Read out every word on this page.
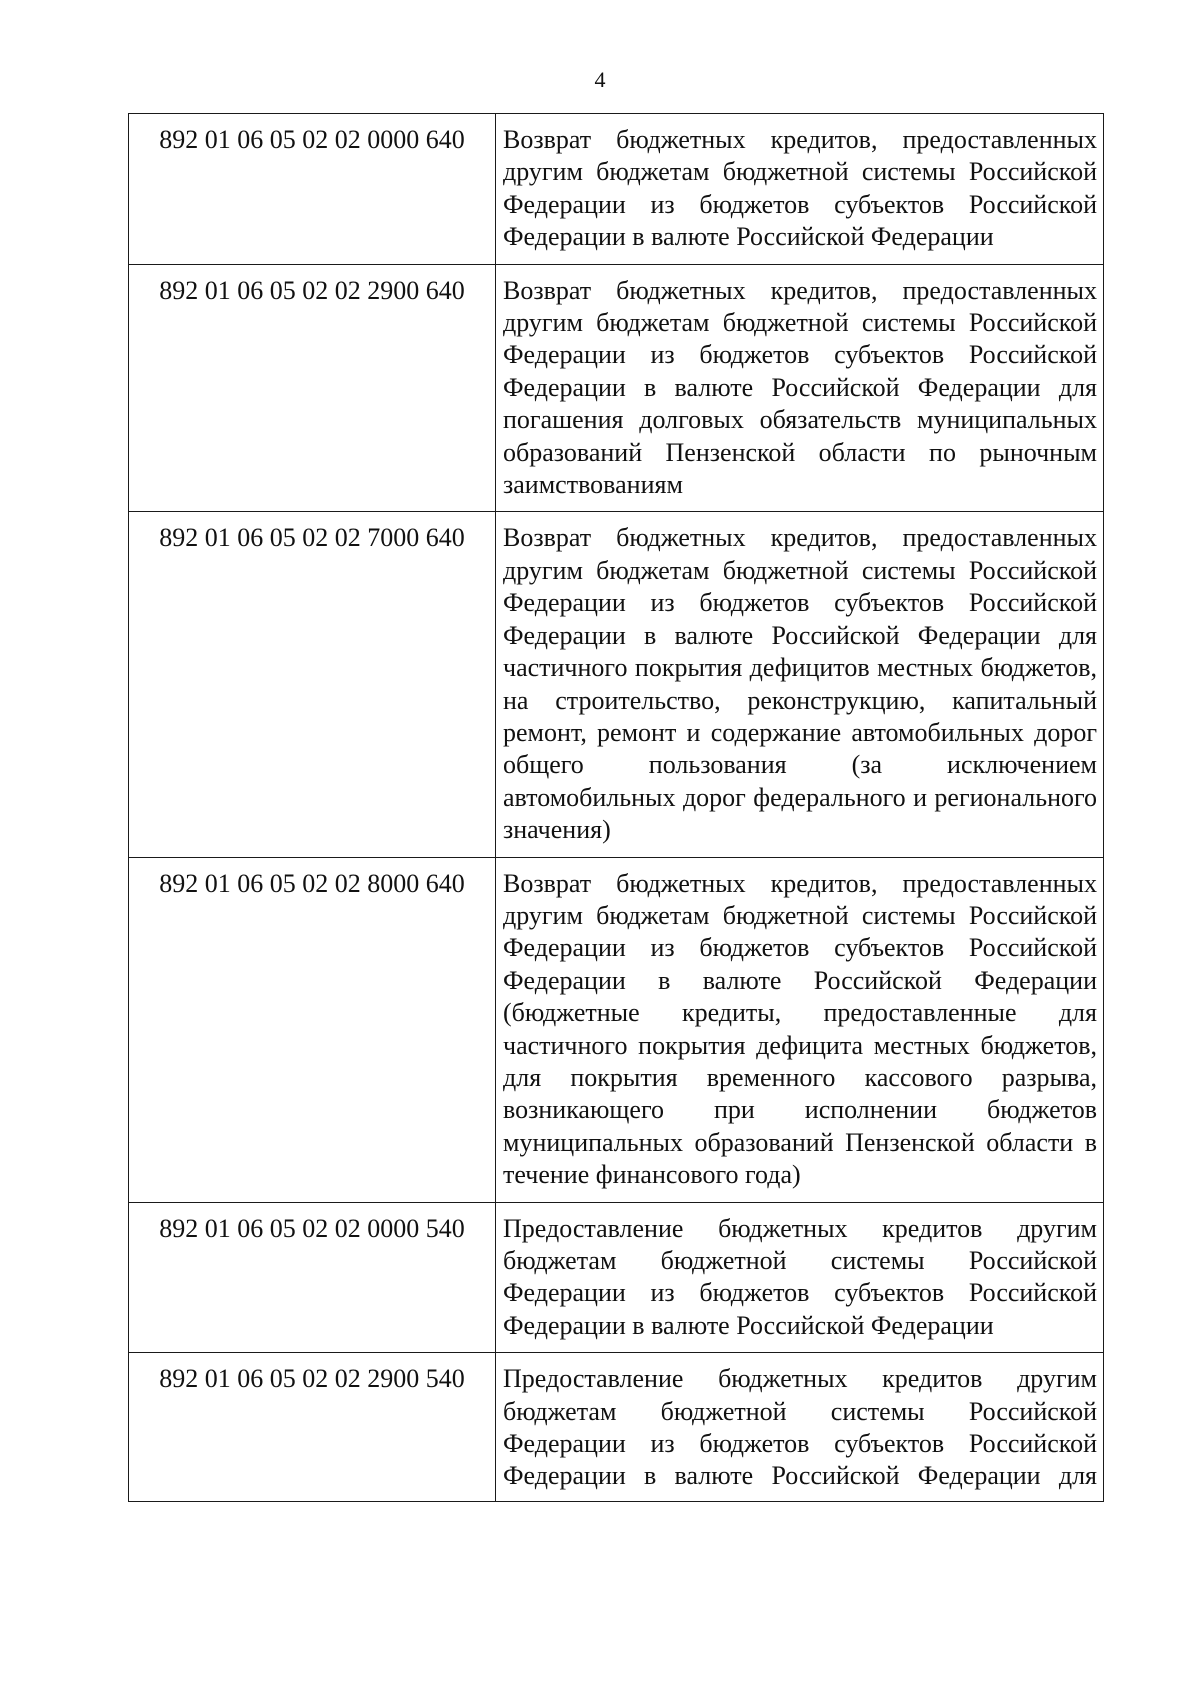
4
892 01 06 05 02 02 0000 640	Возврат бюджетных кредитов, предоставленных другим бюджетам бюджетной системы Российской Федерации из бюджетов субъектов Российской Федерации в валюте Российской Федерации
892 01 06 05 02 02 2900 640	Возврат бюджетных кредитов, предоставленных другим бюджетам бюджетной системы Российской Федерации из бюджетов субъектов Российской Федерации в валюте Российской Федерации для погашения долговых обязательств муниципальных образований Пензенской области по рыночным заимствованиям
892 01 06 05 02 02 7000 640	Возврат бюджетных кредитов, предоставленных другим бюджетам бюджетной системы Российской Федерации из бюджетов субъектов Российской Федерации в валюте Российской Федерации для частичного покрытия дефицитов местных бюджетов, на строительство, реконструкцию, капитальный ремонт, ремонт и содержание автомобильных дорог общего пользования (за исключением автомобильных дорог федерального и регионального значения)
892 01 06 05 02 02 8000 640	Возврат бюджетных кредитов, предоставленных другим бюджетам бюджетной системы Российской Федерации из бюджетов субъектов Российской Федерации в валюте Российской Федерации (бюджетные кредиты, предоставленные для частичного покрытия дефицита местных бюджетов, для покрытия временного кассового разрыва, возникающего при исполнении бюджетов муниципальных образований Пензенской области в течение финансового года)
892 01 06 05 02 02 0000 540	Предоставление бюджетных кредитов другим бюджетам бюджетной системы Российской Федерации из бюджетов субъектов Российской Федерации в валюте Российской Федерации
892 01 06 05 02 02 2900 540	Предоставление бюджетных кредитов другим бюджетам бюджетной системы Российской Федерации из бюджетов субъектов Российской Федерации в валюте Российской Федерации для
